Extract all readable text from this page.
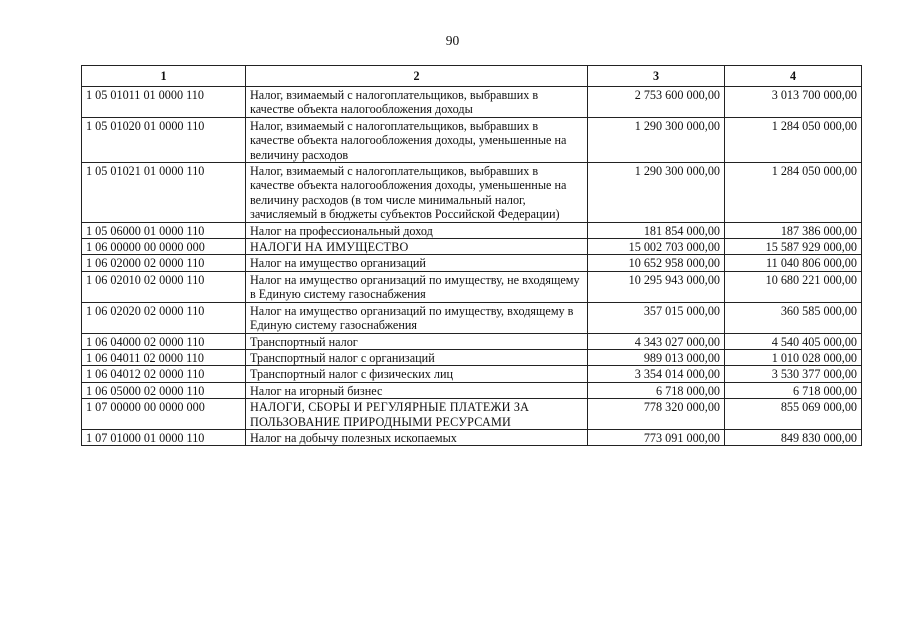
90
1	2	3	4
1 05 01011 01 0000 110	Налог, взимаемый с налогоплательщиков, выбравших в качестве объекта налогообложения доходы	2 753 600 000,00	3 013 700 000,00
1 05 01020 01 0000 110	Налог, взимаемый с налогоплательщиков, выбравших в качестве объекта налогообложения доходы, уменьшенные на величину расходов	1 290 300 000,00	1 284 050 000,00
1 05 01021 01 0000 110	Налог, взимаемый с налогоплательщиков, выбравших в качестве объекта налогообложения доходы, уменьшенные на величину расходов (в том числе минимальный налог, зачисляемый в бюджеты субъектов Российской Федерации)	1 290 300 000,00	1 284 050 000,00
1 05 06000 01 0000 110	Налог на профессиональный доход	181 854 000,00	187 386 000,00
1 06 00000 00 0000 000	НАЛОГИ НА ИМУЩЕСТВО	15 002 703 000,00	15 587 929 000,00
1 06 02000 02 0000 110	Налог на имущество организаций	10 652 958 000,00	11 040 806 000,00
1 06 02010 02 0000 110	Налог на имущество организаций по имуществу, не входящему в Единую систему газоснабжения	10 295 943 000,00	10 680 221 000,00
1 06 02020 02 0000 110	Налог на имущество организаций по имуществу, входящему в Единую систему газоснабжения	357 015 000,00	360 585 000,00
1 06 04000 02 0000 110	Транспортный налог	4 343 027 000,00	4 540 405 000,00
1 06 04011 02 0000 110	Транспортный налог с организаций	989 013 000,00	1 010 028 000,00
1 06 04012 02 0000 110	Транспортный налог с физических лиц	3 354 014 000,00	3 530 377 000,00
1 06 05000 02 0000 110	Налог на игорный бизнес	6 718 000,00	6 718 000,00
1 07 00000 00 0000 000	НАЛОГИ, СБОРЫ И РЕГУЛЯРНЫЕ ПЛАТЕЖИ ЗА ПОЛЬЗОВАНИЕ ПРИРОДНЫМИ РЕСУРСАМИ	778 320 000,00	855 069 000,00
1 07 01000 01 0000 110	Налог на добычу полезных ископаемых	773 091 000,00	849 830 000,00
